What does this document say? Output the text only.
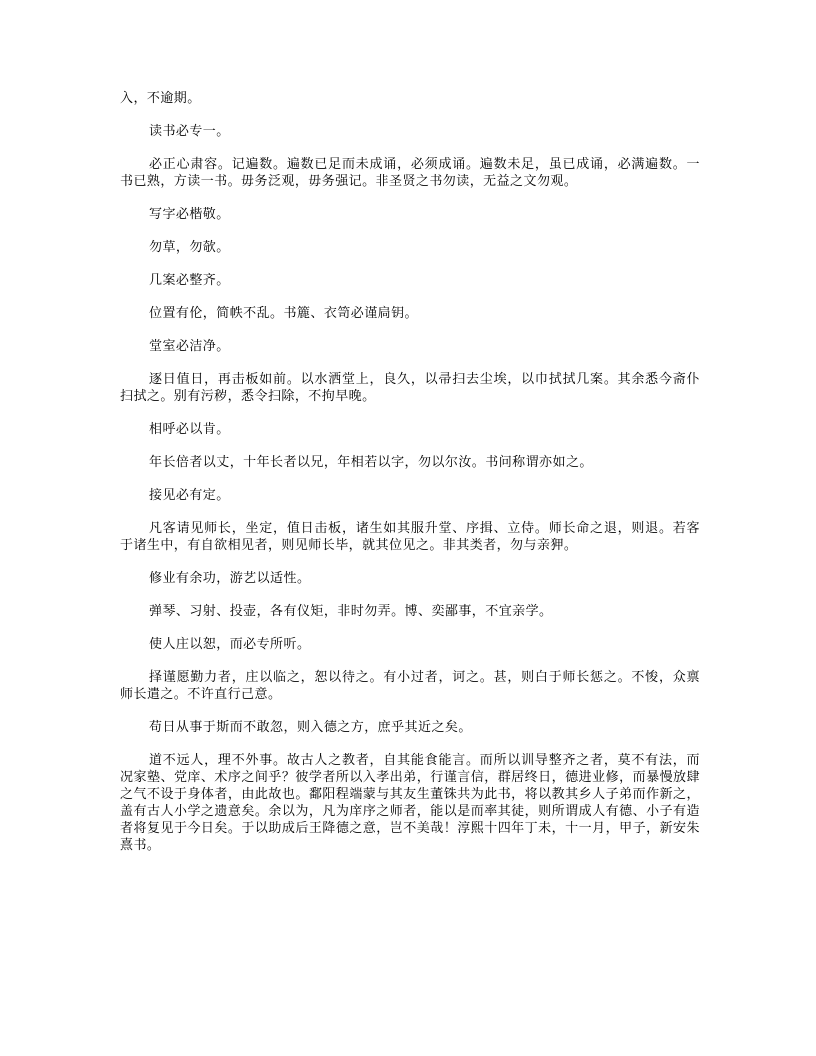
入，不逾期。

读书必专一。

必正心肃容。记遍数。遍数已足而未成诵，必须成诵。遍数未足，虽已成诵，必满遍数。一书已熟，方读一书。毋务泛观，毋务强记。非圣贤之书勿读，无益之文勿观。

写字必楷敬。

勿草，勿欹。

几案必整齐。

位置有伦，简帙不乱。书簏、衣笥必谨扃钥。

堂室必洁净。

逐日值日，再击板如前。以水洒堂上，良久，以帚扫去尘埃，以巾拭拭几案。其余悉今斋仆扫拭之。别有污秽，悉令扫除，不拘早晚。

相呼必以肯。

年长倍者以丈，十年长者以兄，年相若以字，勿以尔汝。书问称谓亦如之。

接见必有定。

凡客请见师长，坐定，值日击板，诸生如其服升堂、序揖、立侍。师长命之退，则退。若客于诸生中，有自欲相见者，则见师长毕，就其位见之。非其类者，勿与亲狎。

修业有余功，游艺以适性。

弹琴、习射、投壶，各有仪矩，非时勿弄。博、奕鄙事，不宜亲学。

使人庄以恕，而必专所听。

择谨愿勤力者，庄以临之，恕以待之。有小过者，诃之。甚，则白于师长惩之。不悛，众禀师长遣之。不许直行己意。

苟日从事于斯而不敢忽，则入德之方，庶乎其近之矣。

道不远人，理不外事。故古人之教者，自其能食能言。而所以训导整齐之者，莫不有法，而况家塾、党庠、术序之间乎？彼学者所以入孝出弟，行谨言信，群居终日，德进业修，而暴慢放肆之气不设于身体者，由此故也。鄱阳程端蒙与其友生董铢共为此书，将以教其乡人子弟而作新之，盖有古人小学之遗意矣。余以为，凡为庠序之师者，能以是而率其徒，则所谓成人有德、小子有造者将复见于今日矣。于以助成后王降德之意，岂不美哉！淳熙十四年丁未，十一月，甲子，新安朱熹书。
